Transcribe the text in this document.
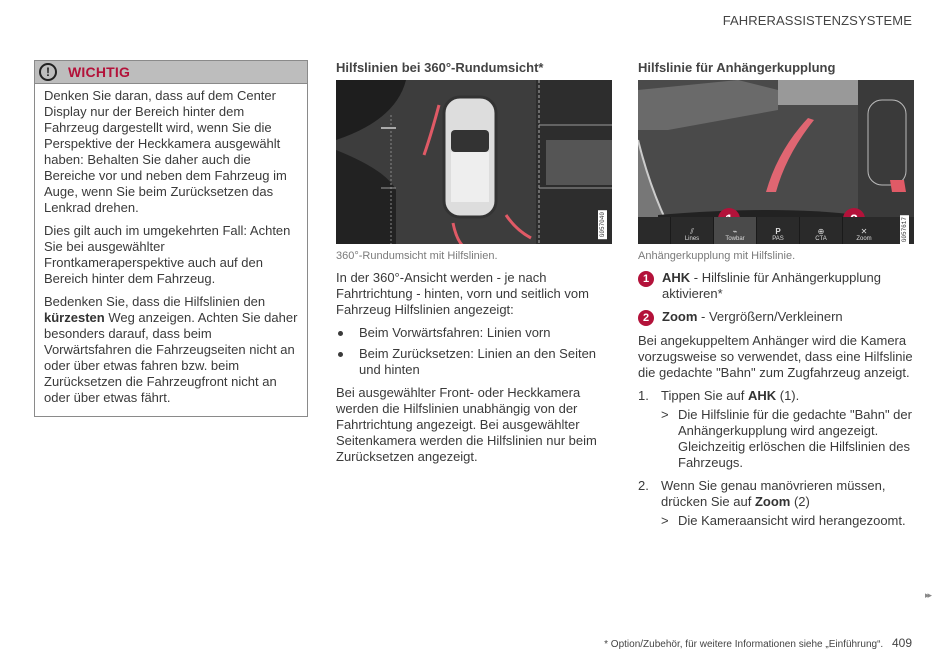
FAHRERASSISTENZSYSTEME
!	WICHTIG

Denken Sie daran, dass auf dem Center Display nur der Bereich hinter dem Fahrzeug dargestellt wird, wenn Sie die Perspektive der Heckkamera ausgewählt haben: Behalten Sie daher auch die Bereiche vor und neben dem Fahrzeug im Auge, wenn Sie beim Zurücksetzen das Lenkrad drehen.

Dies gilt auch im umgekehrten Fall: Achten Sie bei ausgewählter Frontkameraperspektive auch auf den Bereich hinter dem Fahrzeug.

Bedenken Sie, dass die Hilfslinien den kürzesten Weg anzeigen. Achten Sie daher besonders darauf, dass beim Vorwärtsfahren die Fahrzeugseiten nicht an oder über etwas fahren bzw. beim Zurücksetzen die Fahrzeugfront nicht an oder über etwas fährt.

Hilfslinien bei 360°-Rundumsicht*
G057040
360°-Rundumsicht mit Hilfslinien.

In der 360°-Ansicht werden - je nach Fahrtrichtung - hinten, vorn und seitlich vom Fahrzeug Hilfslinien angezeigt:

Beim Vorwärtsfahren: Linien vorn
Beim Zurücksetzen: Linien an den Seiten und hinten

Bei ausgewählter Front- oder Heckkamera werden die Hilfslinien unabhängig von der Fahrtrichtung angezeigt. Bei ausgewählter Seitenkamera werden die Hilfslinien nur beim Zurücksetzen angezeigt.

Hilfslinie für Anhängerkupplung
⫽
Lines
⌁
Towbar
P
PAS
⊕
CTA
✕
Zoom	G057617
Anhängerkupplung mit Hilfslinie.
1 AHK - Hilfslinie für Anhängerkupplung aktivieren*
2 Zoom - Vergrößern/Verkleinern

Bei angekuppeltem Anhänger wird die Kamera vorzugsweise so verwendet, dass eine Hilfslinie die gedachte "Bahn" zum Zugfahrzeug anzeigt.

1. Tippen Sie auf AHK (1).
> Die Hilfslinie für die gedachte "Bahn" der Anhängerkupplung wird angezeigt. Gleichzeitig erlöschen die Hilfslinien des Fahrzeugs.
2. Wenn Sie genau manövrieren müssen, drücken Sie auf Zoom (2)
> Die Kameraansicht wird herangezoomt.
▸▸
* Option/Zubehör, für weitere Informationen siehe „Einführung“. 409
